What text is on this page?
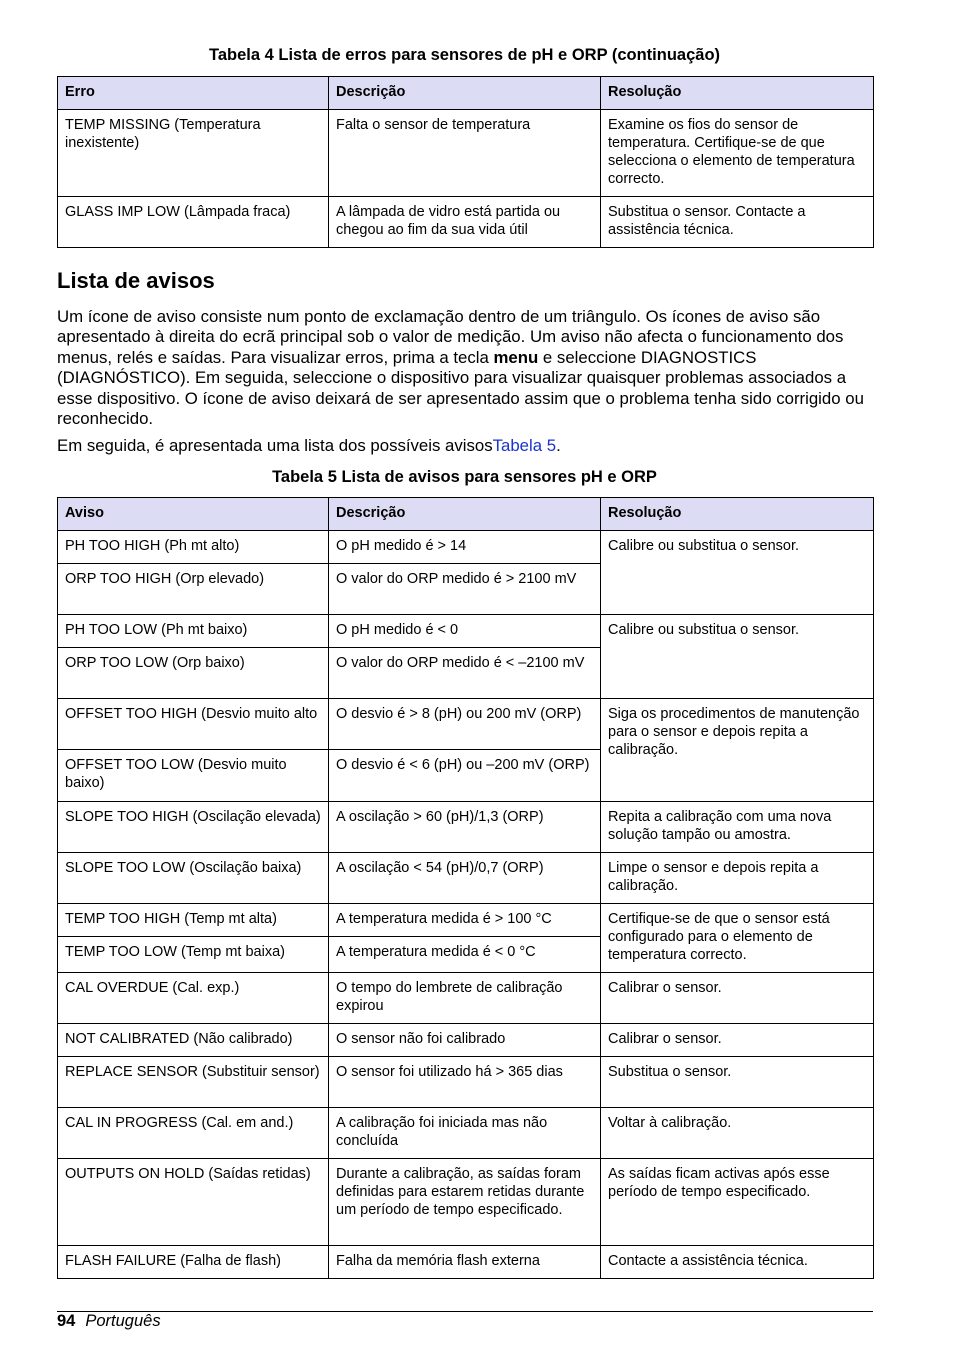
Tabela 4 Lista de erros para sensores de pH e ORP (continuação)
Erro	Descrição	Resolução
TEMP MISSING (Temperatura inexistente)	Falta o sensor de temperatura	Examine os fios do sensor de temperatura. Certifique-se de que selecciona o elemento de temperatura correcto.
GLASS IMP LOW (Lâmpada fraca)	A lâmpada de vidro está partida ou chegou ao fim da sua vida útil	Substitua o sensor. Contacte a assistência técnica.
Lista de avisos

Um ícone de aviso consiste num ponto de exclamação dentro de um triângulo. Os ícones de aviso são apresentado à direita do ecrã principal sob o valor de medição. Um aviso não afecta o funcionamento dos menus, relés e saídas. Para visualizar erros, prima a tecla menu e seleccione DIAGNOSTICS (DIAGNÓSTICO). Em seguida, seleccione o dispositivo para visualizar quaisquer problemas associados a esse dispositivo. O ícone de aviso deixará de ser apresentado assim que o problema tenha sido corrigido ou reconhecido.

Em seguida, é apresentada uma lista dos possíveis avisosTabela 5.

Tabela 5 Lista de avisos para sensores pH e ORP
Aviso	Descrição	Resolução
PH TOO HIGH (Ph mt alto)	O pH medido é > 14	Calibre ou substitua o sensor.
ORP TOO HIGH (Orp elevado)	O valor do ORP medido é > 2100 mV	
PH TOO LOW (Ph mt baixo)	O pH medido é < 0	Calibre ou substitua o sensor.
ORP TOO LOW (Orp baixo)	O valor do ORP medido é < –2100 mV	
OFFSET TOO HIGH (Desvio muito alto	O desvio é > 8 (pH) ou 200 mV (ORP)	Siga os procedimentos de manutenção para o sensor e depois repita a calibração.
OFFSET TOO LOW (Desvio muito baixo)	O desvio é < 6 (pH) ou –200 mV (ORP)	
SLOPE TOO HIGH (Oscilação elevada)	A oscilação > 60 (pH)/1,3 (ORP)	Repita a calibração com uma nova solução tampão ou amostra.
SLOPE TOO LOW (Oscilação baixa)	A oscilação < 54 (pH)/0,7 (ORP)	Limpe o sensor e depois repita a calibração.
TEMP TOO HIGH (Temp mt alta)	A temperatura medida é > 100 °C	Certifique-se de que o sensor está configurado para o elemento de temperatura correcto.
TEMP TOO LOW (Temp mt baixa)	A temperatura medida é < 0 °C	
CAL OVERDUE (Cal. exp.)	O tempo do lembrete de calibração expirou	Calibrar o sensor.
NOT CALIBRATED (Não calibrado)	O sensor não foi calibrado	Calibrar o sensor.
REPLACE SENSOR (Substituir sensor)	O sensor foi utilizado há > 365 dias	Substitua o sensor.
CAL IN PROGRESS (Cal. em and.)	A calibração foi iniciada mas não concluída	Voltar à calibração.
OUTPUTS ON HOLD (Saídas retidas)	Durante a calibração, as saídas foram definidas para estarem retidas durante um período de tempo especificado.	As saídas ficam activas após esse período de tempo especificado.
FLASH FAILURE (Falha de flash)	Falha da memória flash externa	Contacte a assistência técnica.
94 Português
